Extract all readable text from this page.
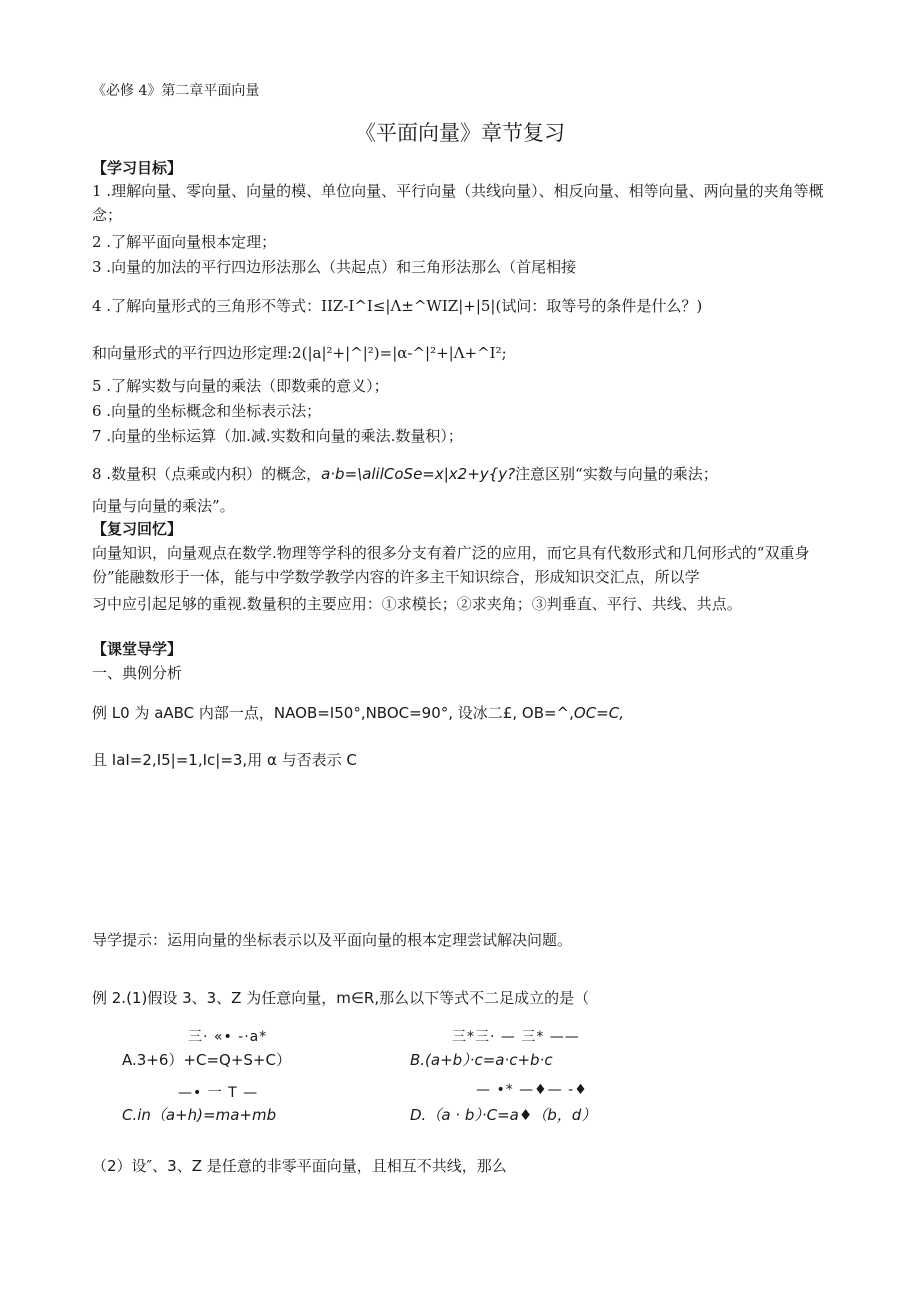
《必修 4》第二章平面向量
《平面向量》章节复习
【学习目标】
1 .理解向量、零向量、向量的模、单位向量、平行向量（共线向量）、相反向量、相等向量、两向量的夹角等概念；
2 .了解平面向量根本定理；
3 .向量的加法的平行四边形法那么（共起点）和三角形法那么（首尾相接
4 .了解向量形式的三角形不等式：IIZ-I^I≤|Λ±^WIZ|+|5|(试问：取等号的条件是什么？)
和向量形式的平行四边形定理:2(|a|²+|^|²)=|α-^|²+|Λ+^I²;
5 .了解实数与向量的乘法（即数乘的意义）；
6 .向量的坐标概念和坐标表示法；
7 .向量的坐标运算（加.减.实数和向量的乘法.数量积）；
8 .数量积（点乘或内积）的概念，a·b=\alilCoSe=x|x2+y{y?注意区别“实数与向量的乘法；
向量与向量的乘法”。
【复习回忆】
向量知识，向量观点在数学.物理等学科的很多分支有着广泛的应用，而它具有代数形式和几何形式的“双重身份”能融数形于一体，能与中学数学教学内容的许多主干知识综合，形成知识交汇点，所以学
习中应引起足够的重视.数量积的主要应用：①求模长；②求夹角；③判垂直、平行、共线、共点。
【课堂导学】
一、典例分析
例 L0 为 aABC 内部一点，NAOB=I50°,NBOC=90°, 设冰二£, OB=^,OC=C,
且 IaI=2,I5|=1,Ic|=3,用 α 与否表示 C
导学提示：运用向量的坐标表示以及平面向量的根本定理尝试解决问题。
例 2.(1)假设 3、3、Z 为任意向量，m∈R,那么以下等式不二足成立的是（
三· «• -·a*
A.3+6）+C=Q+S+C）
三*三· — 三* ——
B.(a+b）·c=a·c+b·c
—• 一 T —
C.in（a+h)=ma+mb
— •* —♦— -♦
D.（a · b）·C=a♦（b，d）
（2）设″、3、Z 是任意的非零平面向量，且相互不共线，那么
